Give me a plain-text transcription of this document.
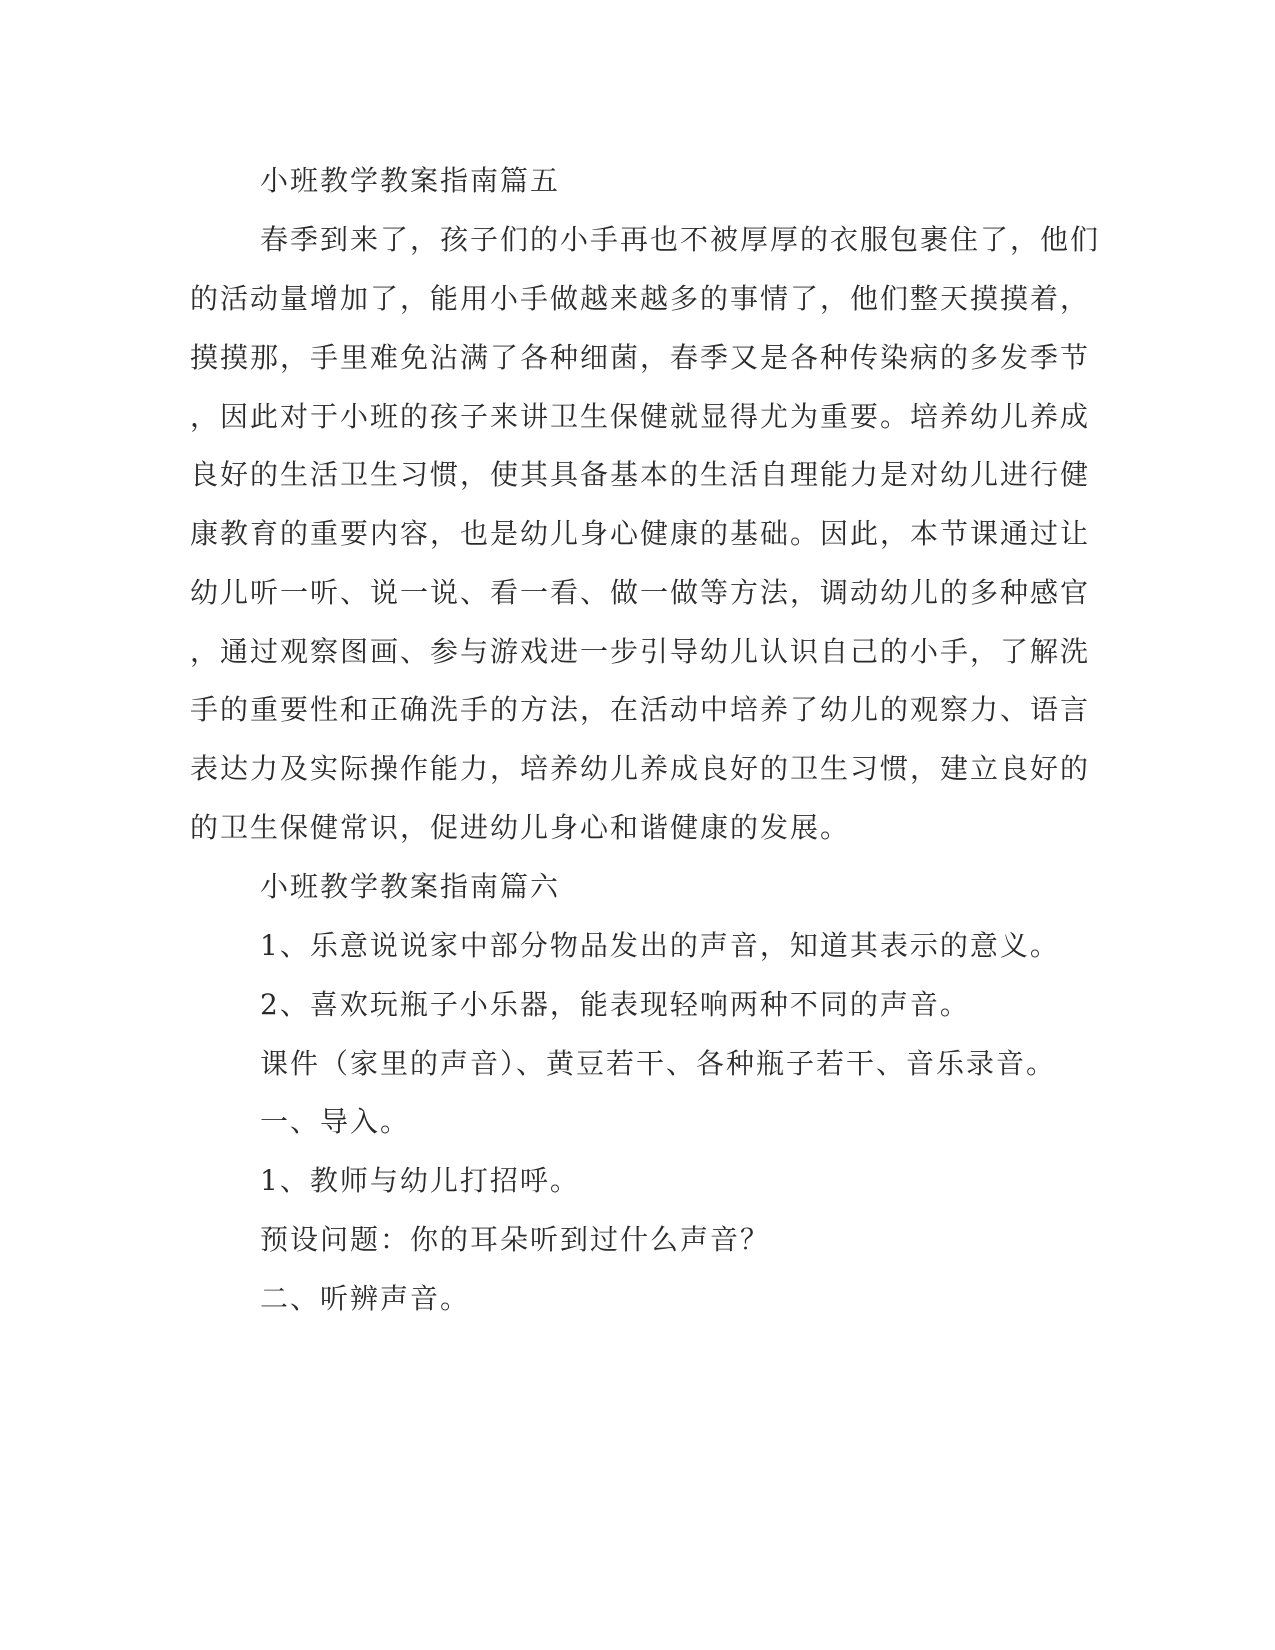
小班教学教案指南篇五
春季到来了，孩子们的小手再也不被厚厚的衣服包裹住了，他们
的活动量增加了，能用小手做越来越多的事情了，他们整天摸摸着，
摸摸那，手里难免沾满了各种细菌，春季又是各种传染病的多发季节
，因此对于小班的孩子来讲卫生保健就显得尤为重要。培养幼儿养成
良好的生活卫生习惯，使其具备基本的生活自理能力是对幼儿进行健
康教育的重要内容，也是幼儿身心健康的基础。因此，本节课通过让
幼儿听一听、说一说、看一看、做一做等方法，调动幼儿的多种感官
，通过观察图画、参与游戏进一步引导幼儿认识自己的小手，了解洗
手的重要性和正确洗手的方法，在活动中培养了幼儿的观察力、语言
表达力及实际操作能力，培养幼儿养成良好的卫生习惯，建立良好的
的卫生保健常识，促进幼儿身心和谐健康的发展。
小班教学教案指南篇六
1、乐意说说家中部分物品发出的声音，知道其表示的意义。
2、喜欢玩瓶子小乐器，能表现轻响两种不同的声音。
课件（家里的声音）、黄豆若干、各种瓶子若干、音乐录音。
一、导入。
1、教师与幼儿打招呼。
预设问题：你的耳朵听到过什么声音？
二、听辨声音。
